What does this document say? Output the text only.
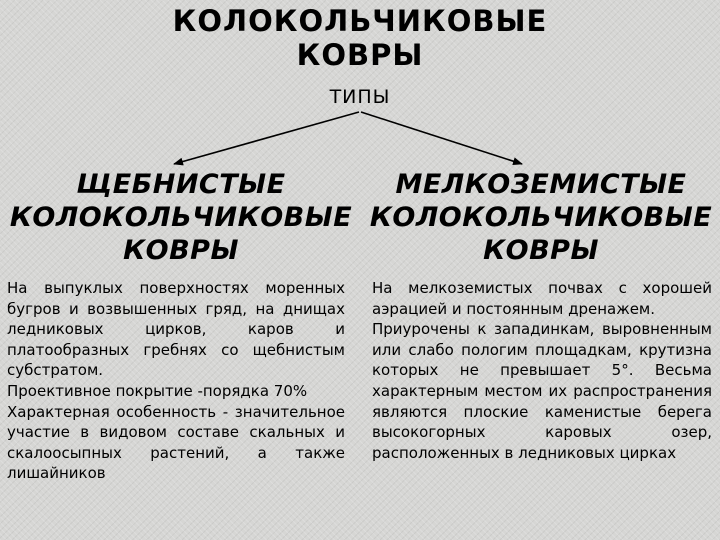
КОЛОКОЛЬЧИКОВЫЕ
КОВРЫ
ТИПЫ
ЩЕБНИСТЫЕ
КОЛОКОЛЬЧИКОВЫЕ
КОВРЫ
МЕЛКОЗЕМИСТЫЕ
КОЛОКОЛЬЧИКОВЫЕ
КОВРЫ

На выпуклых поверхностях моренных бугров и возвышенных гряд, на днищах ледниковых цирков, каров и платообразных гребнях со щебнистым субстратом.

Проективное покрытие -порядка 70%

Характерная особенность - значительное участие в видовом составе скальных и скалоосыпных растений, а также лишайников

На мелкоземистых почвах с хорошей аэрацией и постоянным дренажем.

Приурочены к западинкам, выровненным или слабо пологим площадкам, крутизна которых не превышает 5°. Весьма характерным местом их распространения являются плоские каменистые берега высокогорных каровых озер, расположенных в ледниковых цирках
